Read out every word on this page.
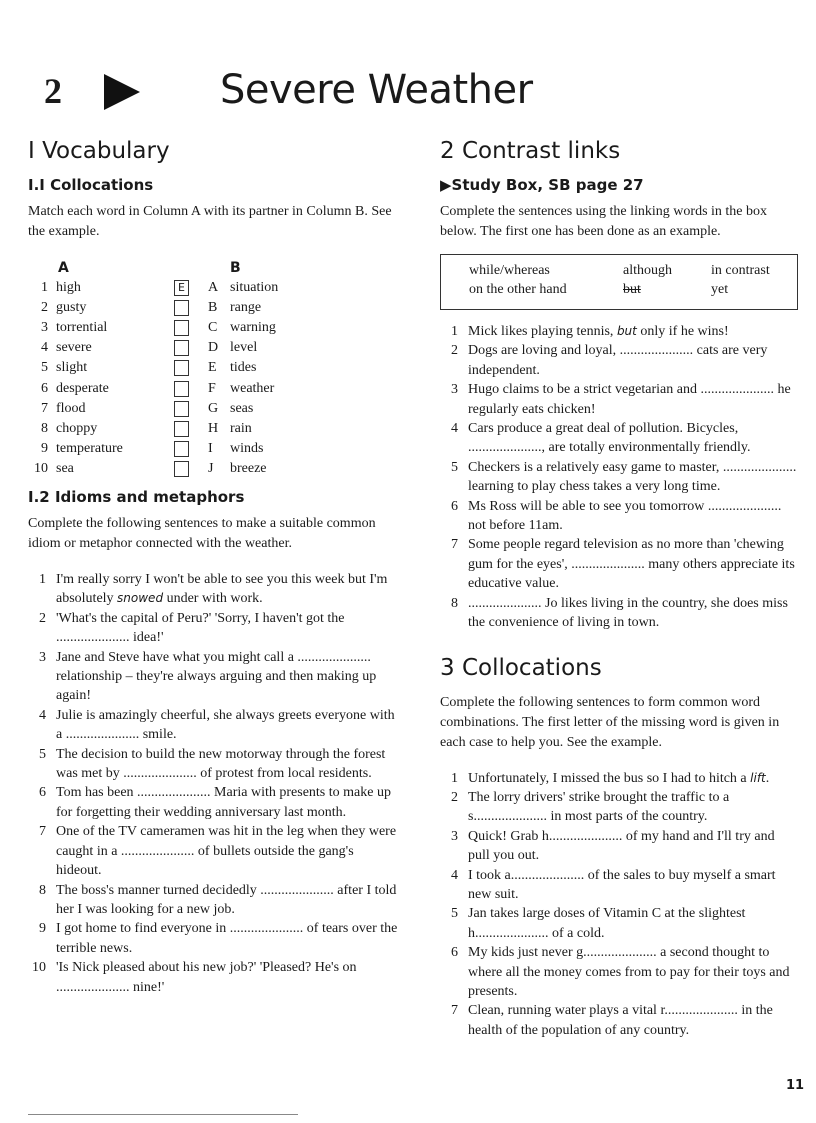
2	Severe Weather
I Vocabulary
I.I Collocations

Match each word in Column A with its partner in Column B. See the example.

A	B
1 high	E A situation
2 gusty	B range
3 torrential	C warning
4 severe	D level
5 slight	E tides
6 desperate	F weather
7 flood	G seas
8 choppy	H rain
9 temperature	I winds
10 sea	J breeze
I.2 Idioms and metaphors

Complete the following sentences to make a suitable common idiom or metaphor connected with the weather.

1 I'm really sorry I won't be able to see you this week but I'm absolutely snowed under with work.
2 'What's the capital of Peru?' 'Sorry, I haven't got the ..................... idea!'
3 Jane and Steve have what you might call a ..................... relationship – they're always arguing and then making up again!
4 Julie is amazingly cheerful, she always greets everyone with a ..................... smile.
5 The decision to build the new motorway through the forest was met by ..................... of protest from local residents.
6 Tom has been ..................... Maria with presents to make up for forgetting their wedding anniversary last month.
7 One of the TV cameramen was hit in the leg when they were caught in a ..................... of bullets outside the gang's hideout.
8 The boss's manner turned decidedly ..................... after I told her I was looking for a new job.
9 I got home to find everyone in ..................... of tears over the terrible news.
10 'Is Nick pleased about his new job?' 'Pleased? He's on ..................... nine!'
2 Contrast links
▶Study Box, SB page 27

Complete the sentences using the linking words in the box below. The first one has been done as an example.

while/whereas	although	in contrast
on the other hand	but	yet
1 Mick likes playing tennis, but only if he wins!
2 Dogs are loving and loyal, ..................... cats are very independent.
3 Hugo claims to be a strict vegetarian and ..................... he regularly eats chicken!
4 Cars produce a great deal of pollution. Bicycles, ....................., are totally environmentally friendly.
5 Checkers is a relatively easy game to master, ..................... learning to play chess takes a very long time.
6 Ms Ross will be able to see you tomorrow ..................... not before 11am.
7 Some people regard television as no more than 'chewing gum for the eyes', ..................... many others appreciate its educative value.
8 ..................... Jo likes living in the country, she does miss the convenience of living in town.
3 Collocations

Complete the following sentences to form common word combinations. The first letter of the missing word is given in each case to help you. See the example.

1 Unfortunately, I missed the bus so I had to hitch a lift.
2 The lorry drivers' strike brought the traffic to a s..................... in most parts of the country.
3 Quick! Grab h..................... of my hand and I'll try and pull you out.
4 I took a..................... of the sales to buy myself a smart new suit.
5 Jan takes large doses of Vitamin C at the slightest h..................... of a cold.
6 My kids just never g..................... a second thought to where all the money comes from to pay for their toys and presents.
7 Clean, running water plays a vital r..................... in the health of the population of any country.
11
